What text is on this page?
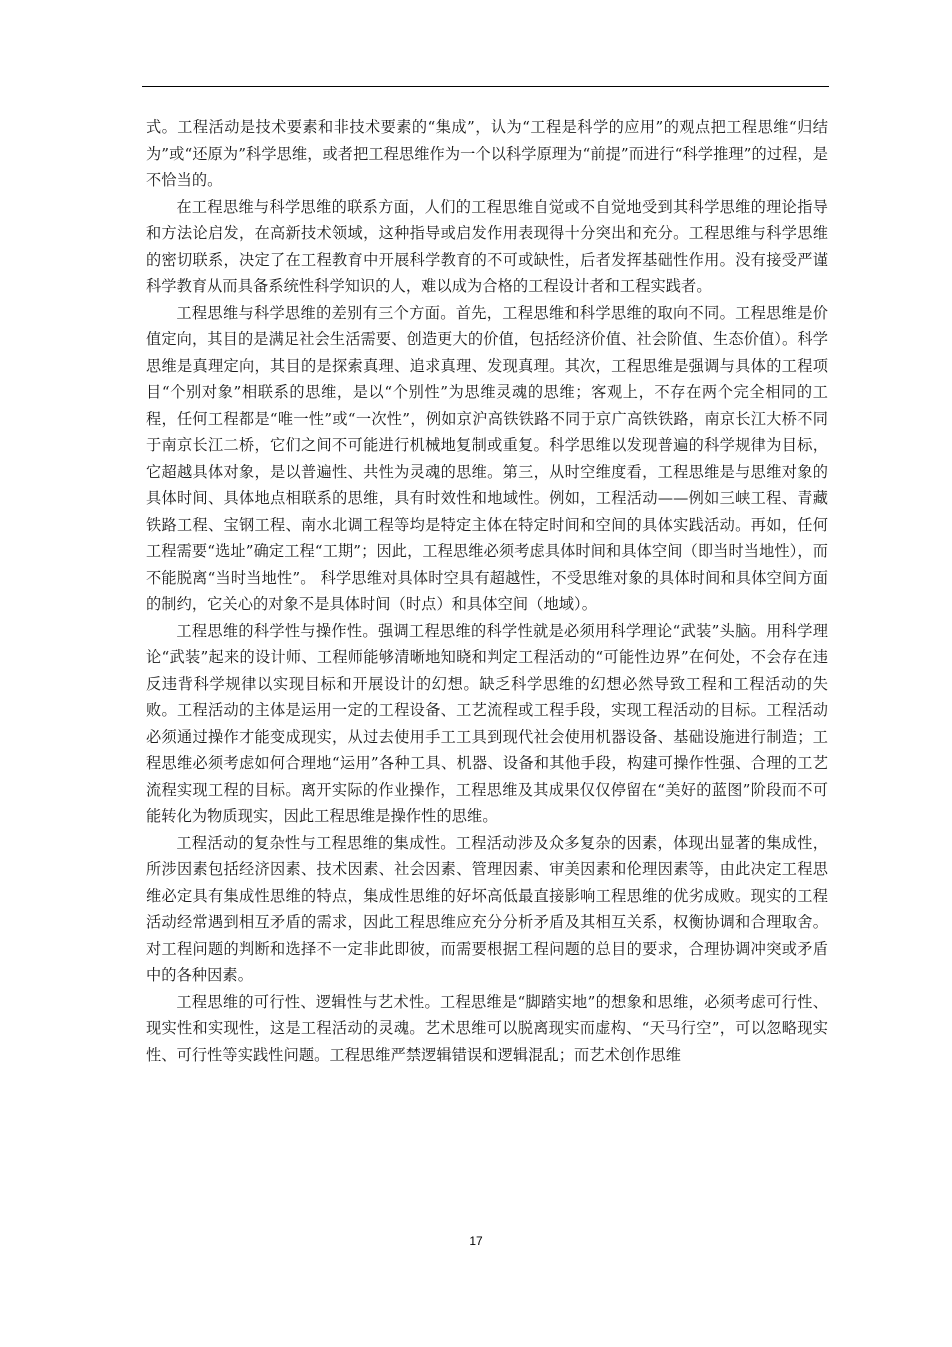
式。工程活动是技术要素和非技术要素的“集成”，认为“工程是科学的应用”的观点把工程思维“归结为”或“还原为”科学思维，或者把工程思维作为一个以科学原理为“前提”而进行“科学推理”的过程，是不恰当的。

在工程思维与科学思维的联系方面，人们的工程思维自觉或不自觉地受到其科学思维的理论指导和方法论启发，在高新技术领域，这种指导或启发作用表现得十分突出和充分。工程思维与科学思维的密切联系，决定了在工程教育中开展科学教育的不可或缺性，后者发挥基础性作用。没有接受严谨科学教育从而具备系统性科学知识的人，难以成为合格的工程设计者和工程实践者。

工程思维与科学思维的差别有三个方面。首先，工程思维和科学思维的取向不同。工程思维是价值定向，其目的是满足社会生活需要、创造更大的价值，包括经济价值、社会阶值、生态价值）。科学思维是真理定向，其目的是探索真理、追求真理、发现真理。其次，工程思维是强调与具体的工程项目“个别对象”相联系的思维，是以“个别性”为思维灵魂的思维；客观上，不存在两个完全相同的工程，任何工程都是“唯一性”或“一次性”，例如京沪高铁铁路不同于京广高铁铁路，南京长江大桥不同于南京长江二桥，它们之间不可能进行机械地复制或重复。科学思维以发现普遍的科学规律为目标，它超越具体对象，是以普遍性、共性为灵魂的思维。第三，从时空维度看，工程思维是与思维对象的具体时间、具体地点相联系的思维，具有时效性和地域性。例如，工程活动——例如三峡工程、青藏铁路工程、宝钢工程、南水北调工程等均是特定主体在特定时间和空间的具体实践活动。再如，任何工程需要“选址”确定工程“工期”；因此，工程思维必须考虑具体时间和具体空间（即当时当地性），而不能脱离“当时当地性”。 科学思维对具体时空具有超越性，不受思维对象的具体时间和具体空间方面的制约，它关心的对象不是具体时间（时点）和具体空间（地域）。

工程思维的科学性与操作性。强调工程思维的科学性就是必须用科学理论“武装”头脑。用科学理论“武装”起来的设计师、工程师能够清晰地知晓和判定工程活动的“可能性边界”在何处，不会存在违反违背科学规律以实现目标和开展设计的幻想。缺乏科学思维的幻想必然导致工程和工程活动的失败。工程活动的主体是运用一定的工程设备、工艺流程或工程手段，实现工程活动的目标。工程活动必须通过操作才能变成现实，从过去使用手工工具到现代社会使用机器设备、基础设施进行制造；工程思维必须考虑如何合理地“运用”各种工具、机器、设备和其他手段，构建可操作性强、合理的工艺流程实现工程的目标。离开实际的作业操作，工程思维及其成果仅仅停留在“美好的蓝图”阶段而不可能转化为物质现实，因此工程思维是操作性的思维。

工程活动的复杂性与工程思维的集成性。工程活动涉及众多复杂的因素，体现出显著的集成性，所涉因素包括经济因素、技术因素、社会因素、管理因素、审美因素和伦理因素等，由此决定工程思维必定具有集成性思维的特点，集成性思维的好坏高低最直接影响工程思维的优劣成败。现实的工程活动经常遇到相互矛盾的需求，因此工程思维应充分分析矛盾及其相互关系，权衡协调和合理取舍。对工程问题的判断和选择不一定非此即彼，而需要根据工程问题的总目的要求，合理协调冲突或矛盾中的各种因素。

工程思维的可行性、逻辑性与艺术性。工程思维是“脚踏实地”的想象和思维，必须考虑可行性、现实性和实现性，这是工程活动的灵魂。艺术思维可以脱离现实而虚构、“天马行空”，可以忽略现实性、可行性等实践性问题。工程思维严禁逻辑错误和逻辑混乱；而艺术创作思维

17
